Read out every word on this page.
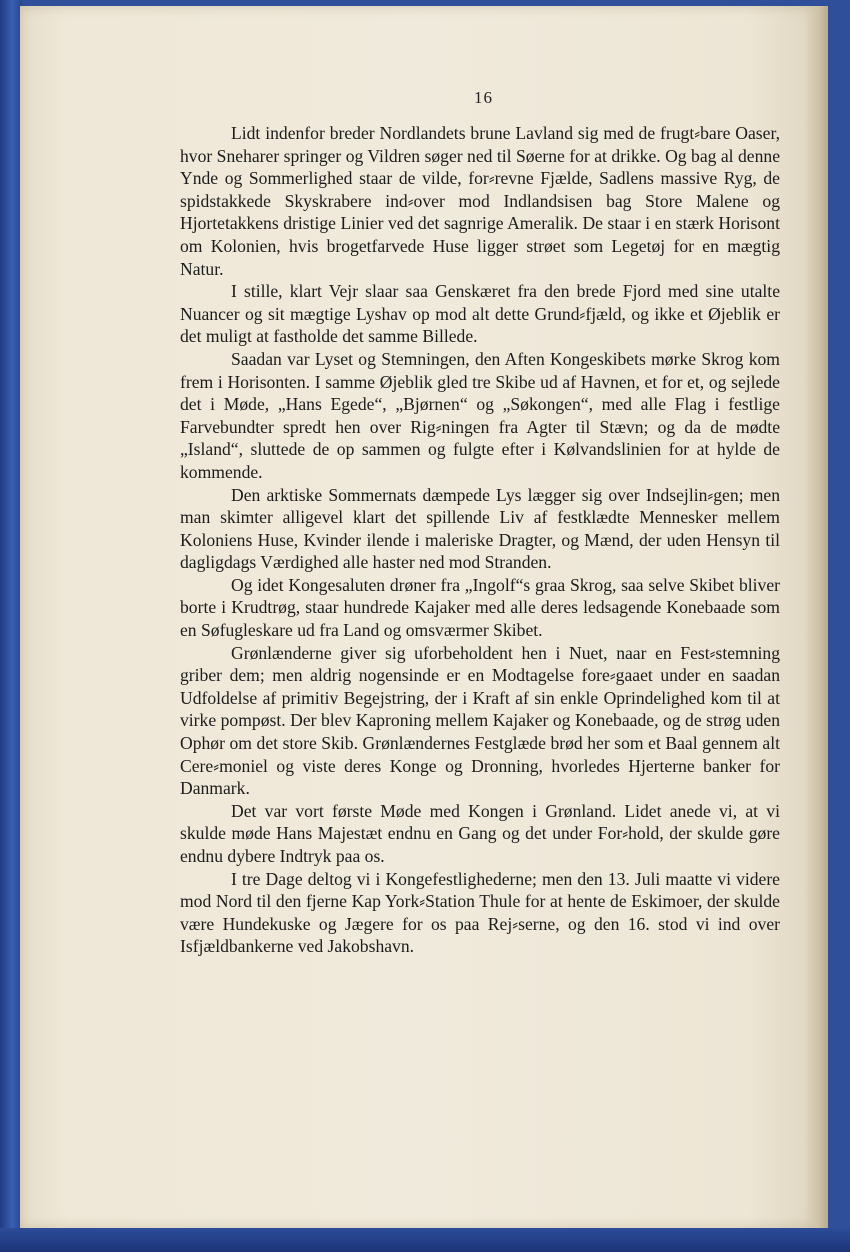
16

Lidt indenfor breder Nordlandets brune Lavland sig med de frugt⸗bare Oaser, hvor Sneharer springer og Vildren søger ned til Søerne for at drikke. Og bag al denne Ynde og Sommerlighed staar de vilde, for⸗revne Fjælde, Sadlens massive Ryg, de spidstakkede Skyskrabere ind⸗over mod Indlandsisen bag Store Malene og Hjortetakkens dristige Linier ved det sagnrige Ameralik. De staar i en stærk Horisont om Kolonien, hvis brogetfarvede Huse ligger strøet som Legetøj for en mægtig Natur.

I stille, klart Vejr slaar saa Genskæret fra den brede Fjord med sine utalte Nuancer og sit mægtige Lyshav op mod alt dette Grund⸗fjæld, og ikke et Øjeblik er det muligt at fastholde det samme Billede.

Saadan var Lyset og Stemningen, den Aften Kongeskibets mørke Skrog kom frem i Horisonten. I samme Øjeblik gled tre Skibe ud af Havnen, et for et, og sejlede det i Møde, „Hans Egede“, „Bjørnen“ og „Søkongen“, med alle Flag i festlige Farvebundter spredt hen over Rig⸗ningen fra Agter til Stævn; og da de mødte „Island“, sluttede de op sammen og fulgte efter i Kølvandslinien for at hylde de kommende.

Den arktiske Sommernats dæmpede Lys lægger sig over Indsejlin⸗gen; men man skimter alligevel klart det spillende Liv af festklædte Mennesker mellem Koloniens Huse, Kvinder ilende i maleriske Dragter, og Mænd, der uden Hensyn til dagligdags Værdighed alle haster ned mod Stranden.

Og idet Kongesaluten drøner fra „Ingolf“s graa Skrog, saa selve Skibet bliver borte i Krudtrøg, staar hundrede Kajaker med alle deres ledsagende Konebaade som en Søfugleskare ud fra Land og omsværmer Skibet.

Grønlænderne giver sig uforbeholdent hen i Nuet, naar en Fest⸗stemning griber dem; men aldrig nogensinde er en Modtagelse fore⸗gaaet under en saadan Udfoldelse af primitiv Begejstring, der i Kraft af sin enkle Oprindelighed kom til at virke pompøst. Der blev Kaproning mellem Kajaker og Konebaade, og de strøg uden Ophør om det store Skib. Grønlændernes Festglæde brød her som et Baal gennem alt Cere⸗moniel og viste deres Konge og Dronning, hvorledes Hjerterne banker for Danmark.

Det var vort første Møde med Kongen i Grønland. Lidet anede vi, at vi skulde møde Hans Majestæt endnu en Gang og det under For⸗hold, der skulde gøre endnu dybere Indtryk paa os.

I tre Dage deltog vi i Kongefestlighederne; men den 13. Juli maatte vi videre mod Nord til den fjerne Kap York⸗Station Thule for at hente de Eskimoer, der skulde være Hundekuske og Jægere for os paa Rej⸗serne, og den 16. stod vi ind over Isfjældbankerne ved Jakobshavn.
